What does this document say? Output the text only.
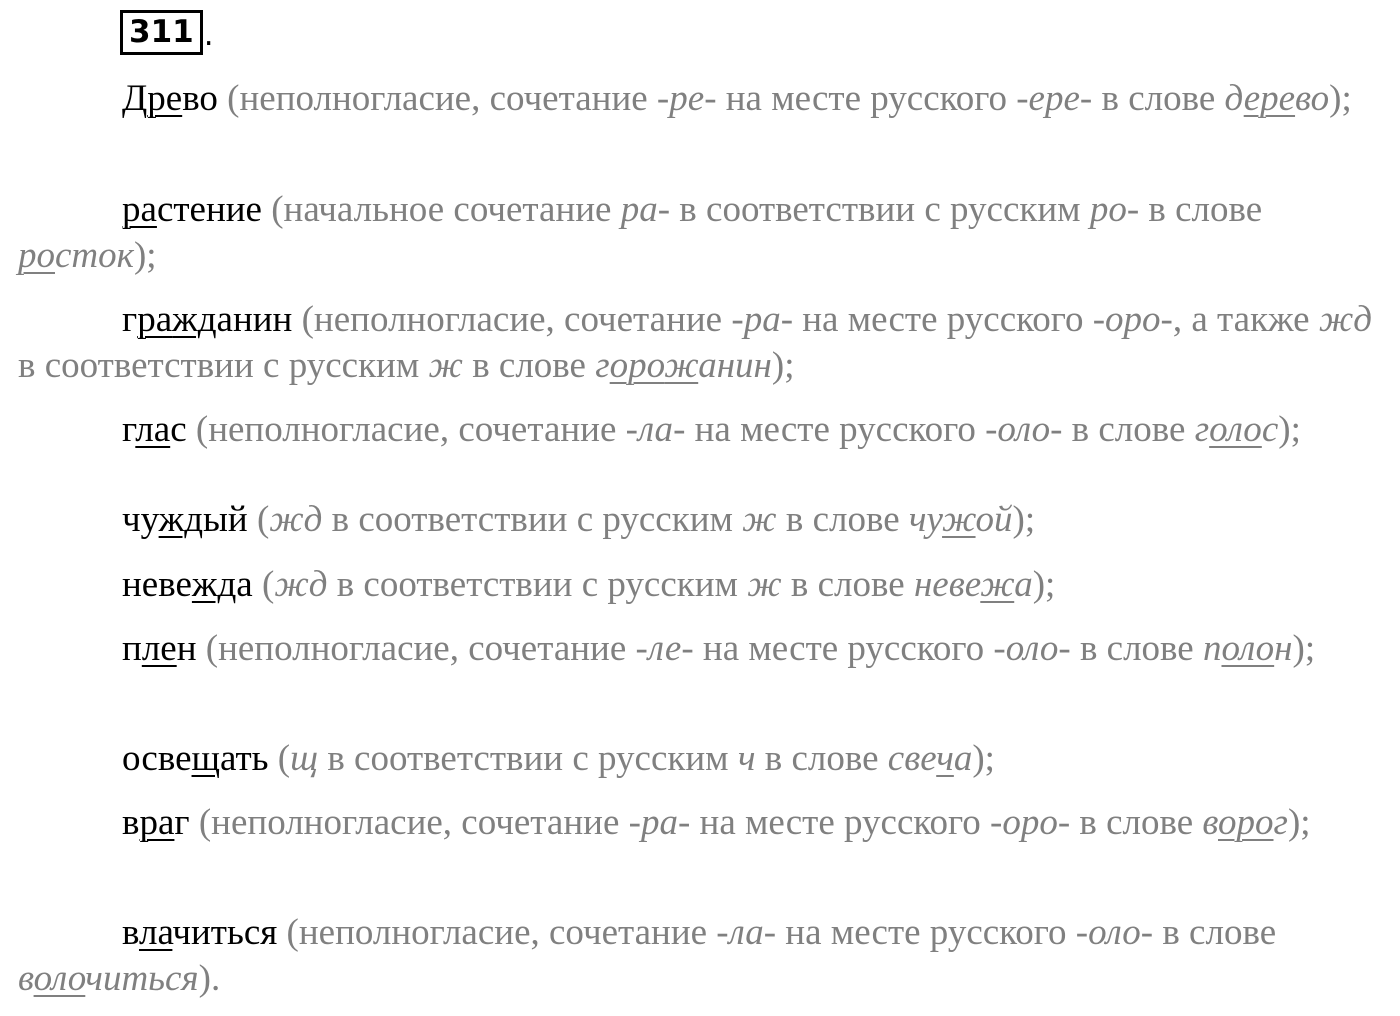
311 .

Древо (неполногласие, сочетание -ре- на месте русского -ере- в слове дерево);

растение (начальное сочетание ра- в соответствии с русским ро- в слове росток);

гражданин (неполногласие, сочетание -ра- на месте русского -оро-, а также жд в соответствии с русским ж в слове горожанин);

глас (неполногласие, сочетание -ла- на месте русского -оло- в слове голос);

чуждый (жд в соответствии с русским ж в слове чужой);

невежда (жд в соответствии с русским ж в слове невежа);

плен (неполногласие, сочетание -ле- на месте русского -оло- в слове полон);

освещать (щ в соответствии с русским ч в слове свеча);

враг (неполногласие, сочетание -ра- на месте русского -оро- в слове ворог);

влачиться (неполногласие, сочетание -ла- на месте русского -оло- в слове волочиться).
